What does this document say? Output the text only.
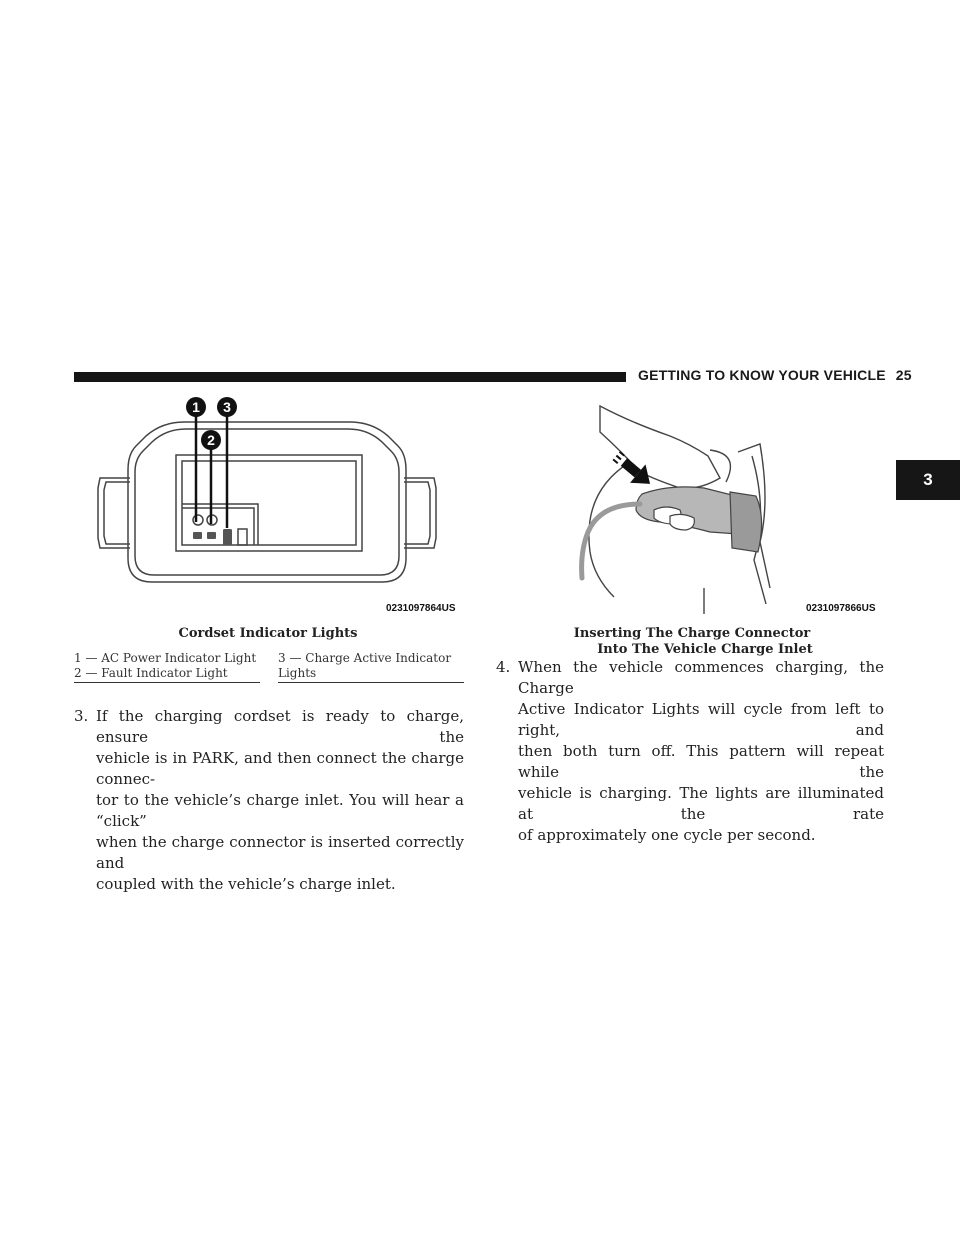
GETTING TO KNOW YOUR VEHICLE 25
3
1
2
3
0231097864US
Cordset Indicator Lights
1 — AC Power Indicator Light
2 — Fault Indicator Light
3 — Charge Active Indicator
Lights
3. If the charging cordset is ready to charge, ensure the
vehicle is in PARK, and then connect the charge connec-
tor to the vehicle’s charge inlet. You will hear a “click”
when the charge connector is inserted correctly and
coupled with the vehicle’s charge inlet.
0231097866US
Inserting The Charge Connector
Into The Vehicle Charge Inlet
4. When the vehicle commences charging, the Charge
Active Indicator Lights will cycle from left to right, and
then both turn off. This pattern will repeat while the
vehicle is charging. The lights are illuminated at the rate
of approximately one cycle per second.
